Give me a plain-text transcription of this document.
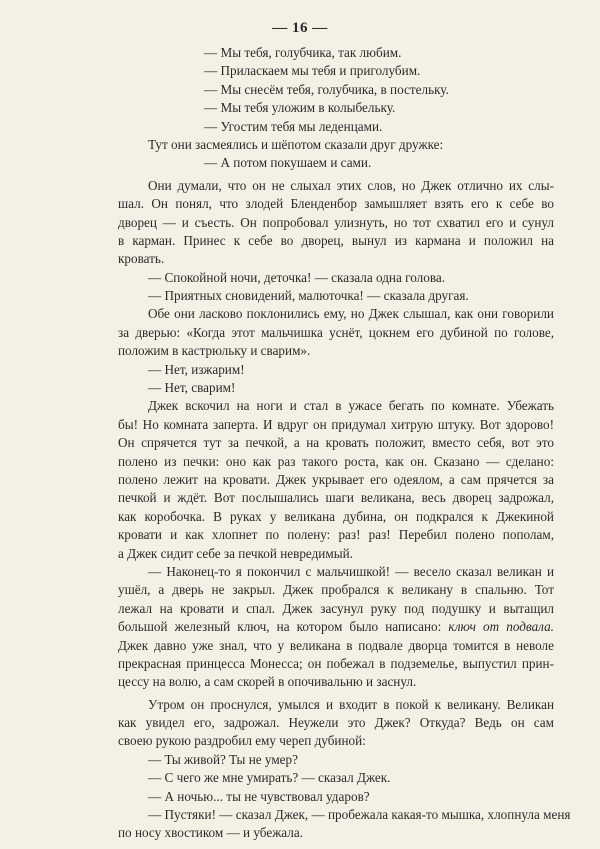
— 16 —
— Мы тебя, голубчика, так любим.
— Приласкаем мы тебя и приголубим.
— Мы снесём тебя, голубчика, в постельку.
— Мы тебя уложим в колыбельку.
— Угостим тебя мы леденцами.
Тут они засмеялись и шёпотом сказали друг дружке:
— А потом покушаем и сами.
Они думали, что он не слыхал этих слов, но Джек отлично их слы-
шал. Он понял, что злодей Бленденбор замышляет взять его к себе во
дворец — и съесть. Он попробовал улизнуть, но тот схватил его и сунул
в карман. Принес к себе во дворец, вынул из кармана и положил на
кровать.
— Спокойной ночи, деточка! — сказала одна голова.
— Приятных сновидений, малюточка! — сказала другая.
Обе они ласково поклонились ему, но Джек слышал, как они говорили
за дверью: «Когда этот мальчишка уснёт, цокнем его дубиной по голове,
положим в кастрюльку и сварим».
— Нет, изжарим!
— Нет, сварим!
Джек вскочил на ноги и стал в ужасе бегать по комнате. Убежать
бы! Но комната заперта. И вдруг он придумал хитрую штуку. Вот здорово!
Он спрячется тут за печкой, а на кровать положит, вместо себя, вот это
полено из печки: оно как раз такого роста, как он. Сказано — сделано:
полено лежит на кровати. Джек укрывает его одеялом, а сам прячется за
печкой и ждёт. Вот послышались шаги великана, весь дворец задрожал,
как коробочка. В руках у великана дубина, он подкрался к Джекиной
кровати и как хлопнет по полену: раз! раз! Перебил полено пополам,
а Джек сидит себе за печкой невредимый.
— Наконец-то я покончил с мальчишкой! — весело сказал великан и
ушёл, а дверь не закрыл. Джек пробрался к великану в спальню. Тот
лежал на кровати и спал. Джек засунул руку под подушку и вытащил
большой железный ключ, на котором было написано: ключ от подвала.
Джек давно уже знал, что у великана в подвале дворца томится в неволе
прекрасная принцесса Монесса; он побежал в подземелье, выпустил прин-
цессу на волю, а сам скорей в опочивальню и заснул.
Утром он проснулся, умылся и входит в покой к великану. Великан
как увидел его, задрожал. Неужели это Джек? Откуда? Ведь он сам
своею рукою раздробил ему череп дубиной:
— Ты живой? Ты не умер?
— С чего же мне умирать? — сказал Джек.
— А ночью... ты не чувствовал ударов?
— Пустяки! — сказал Джек, — пробежала какая-то мышка, хлопнула меня
по носу хвостиком — и убежала.
